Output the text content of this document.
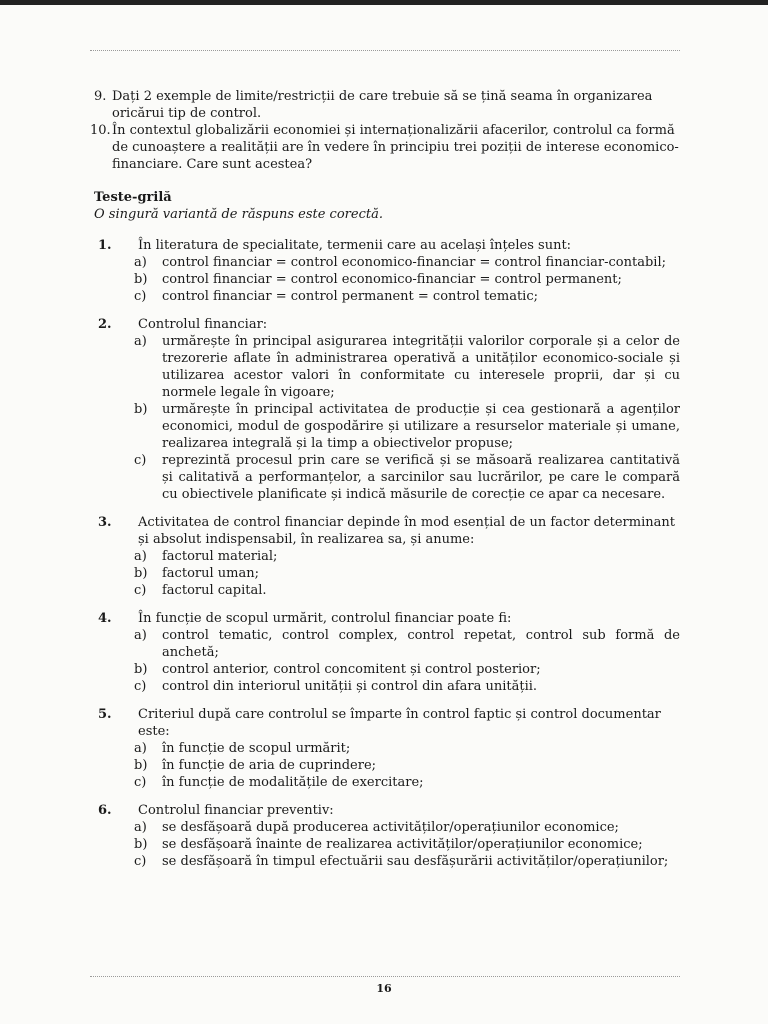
9. Dați 2 exemple de limite/restricții de care trebuie să se țină seama în organizarea oricărui tip de control.
10. În contextul globalizării economiei și internaționalizării afacerilor, controlul ca formă de cunoaștere a realității are în vedere în principiu trei poziții de interese economico-financiare. Care sunt acestea?
Teste-grilă
O singură variantă de răspuns este corectă.
1.	În literatura de specialitate, termenii care au același înțeles sunt:
a)	control financiar = control economico-financiar = control financiar-contabil;
b)	control financiar = control economico-financiar = control permanent;
c)	control financiar = control permanent = control tematic;
2.	Controlul financiar:
a)	urmărește în principal asigurarea integrității valorilor corporale și a celor de trezorerie aflate în administrarea operativă a unităților economico-sociale și utilizarea acestor valori în conformitate cu interesele proprii, dar și cu normele legale în vigoare;
b)	urmărește în principal activitatea de producție și cea gestionară a agenților economici, modul de gospodărire și utilizare a resurselor materiale și umane, realizarea integrală și la timp a obiectivelor propuse;
c)	reprezintă procesul prin care se verifică și se măsoară realizarea cantitativă și calitativă a performanțelor, a sarcinilor sau lucrărilor, pe care le compară cu obiectivele planificate și indică măsurile de corecție ce apar ca necesare.
3.	Activitatea de control financiar depinde în mod esențial de un factor determinant și absolut indispensabil, în realizarea sa, și anume:
a)	factorul material;
b)	factorul uman;
c)	factorul capital.
4.	În funcție de scopul urmărit, controlul financiar poate fi:
a)	control tematic, control complex, control repetat, control sub formă de anchetă;
b)	control anterior, control concomitent și control posterior;
c)	control din interiorul unității și control din afara unității.
5.	Criteriul după care controlul se împarte în control faptic și control documentar este:
a)	în funcție de scopul urmărit;
b)	în funcție de aria de cuprindere;
c)	în funcție de modalitățile de exercitare;
6.	Controlul financiar preventiv:
a)	se desfășoară după producerea activităților/operațiunilor economice;
b)	se desfășoară înainte de realizarea activităților/operațiunilor economice;
c)	se desfășoară în timpul efectuării sau desfășurării activităților/operațiunilor;
16
